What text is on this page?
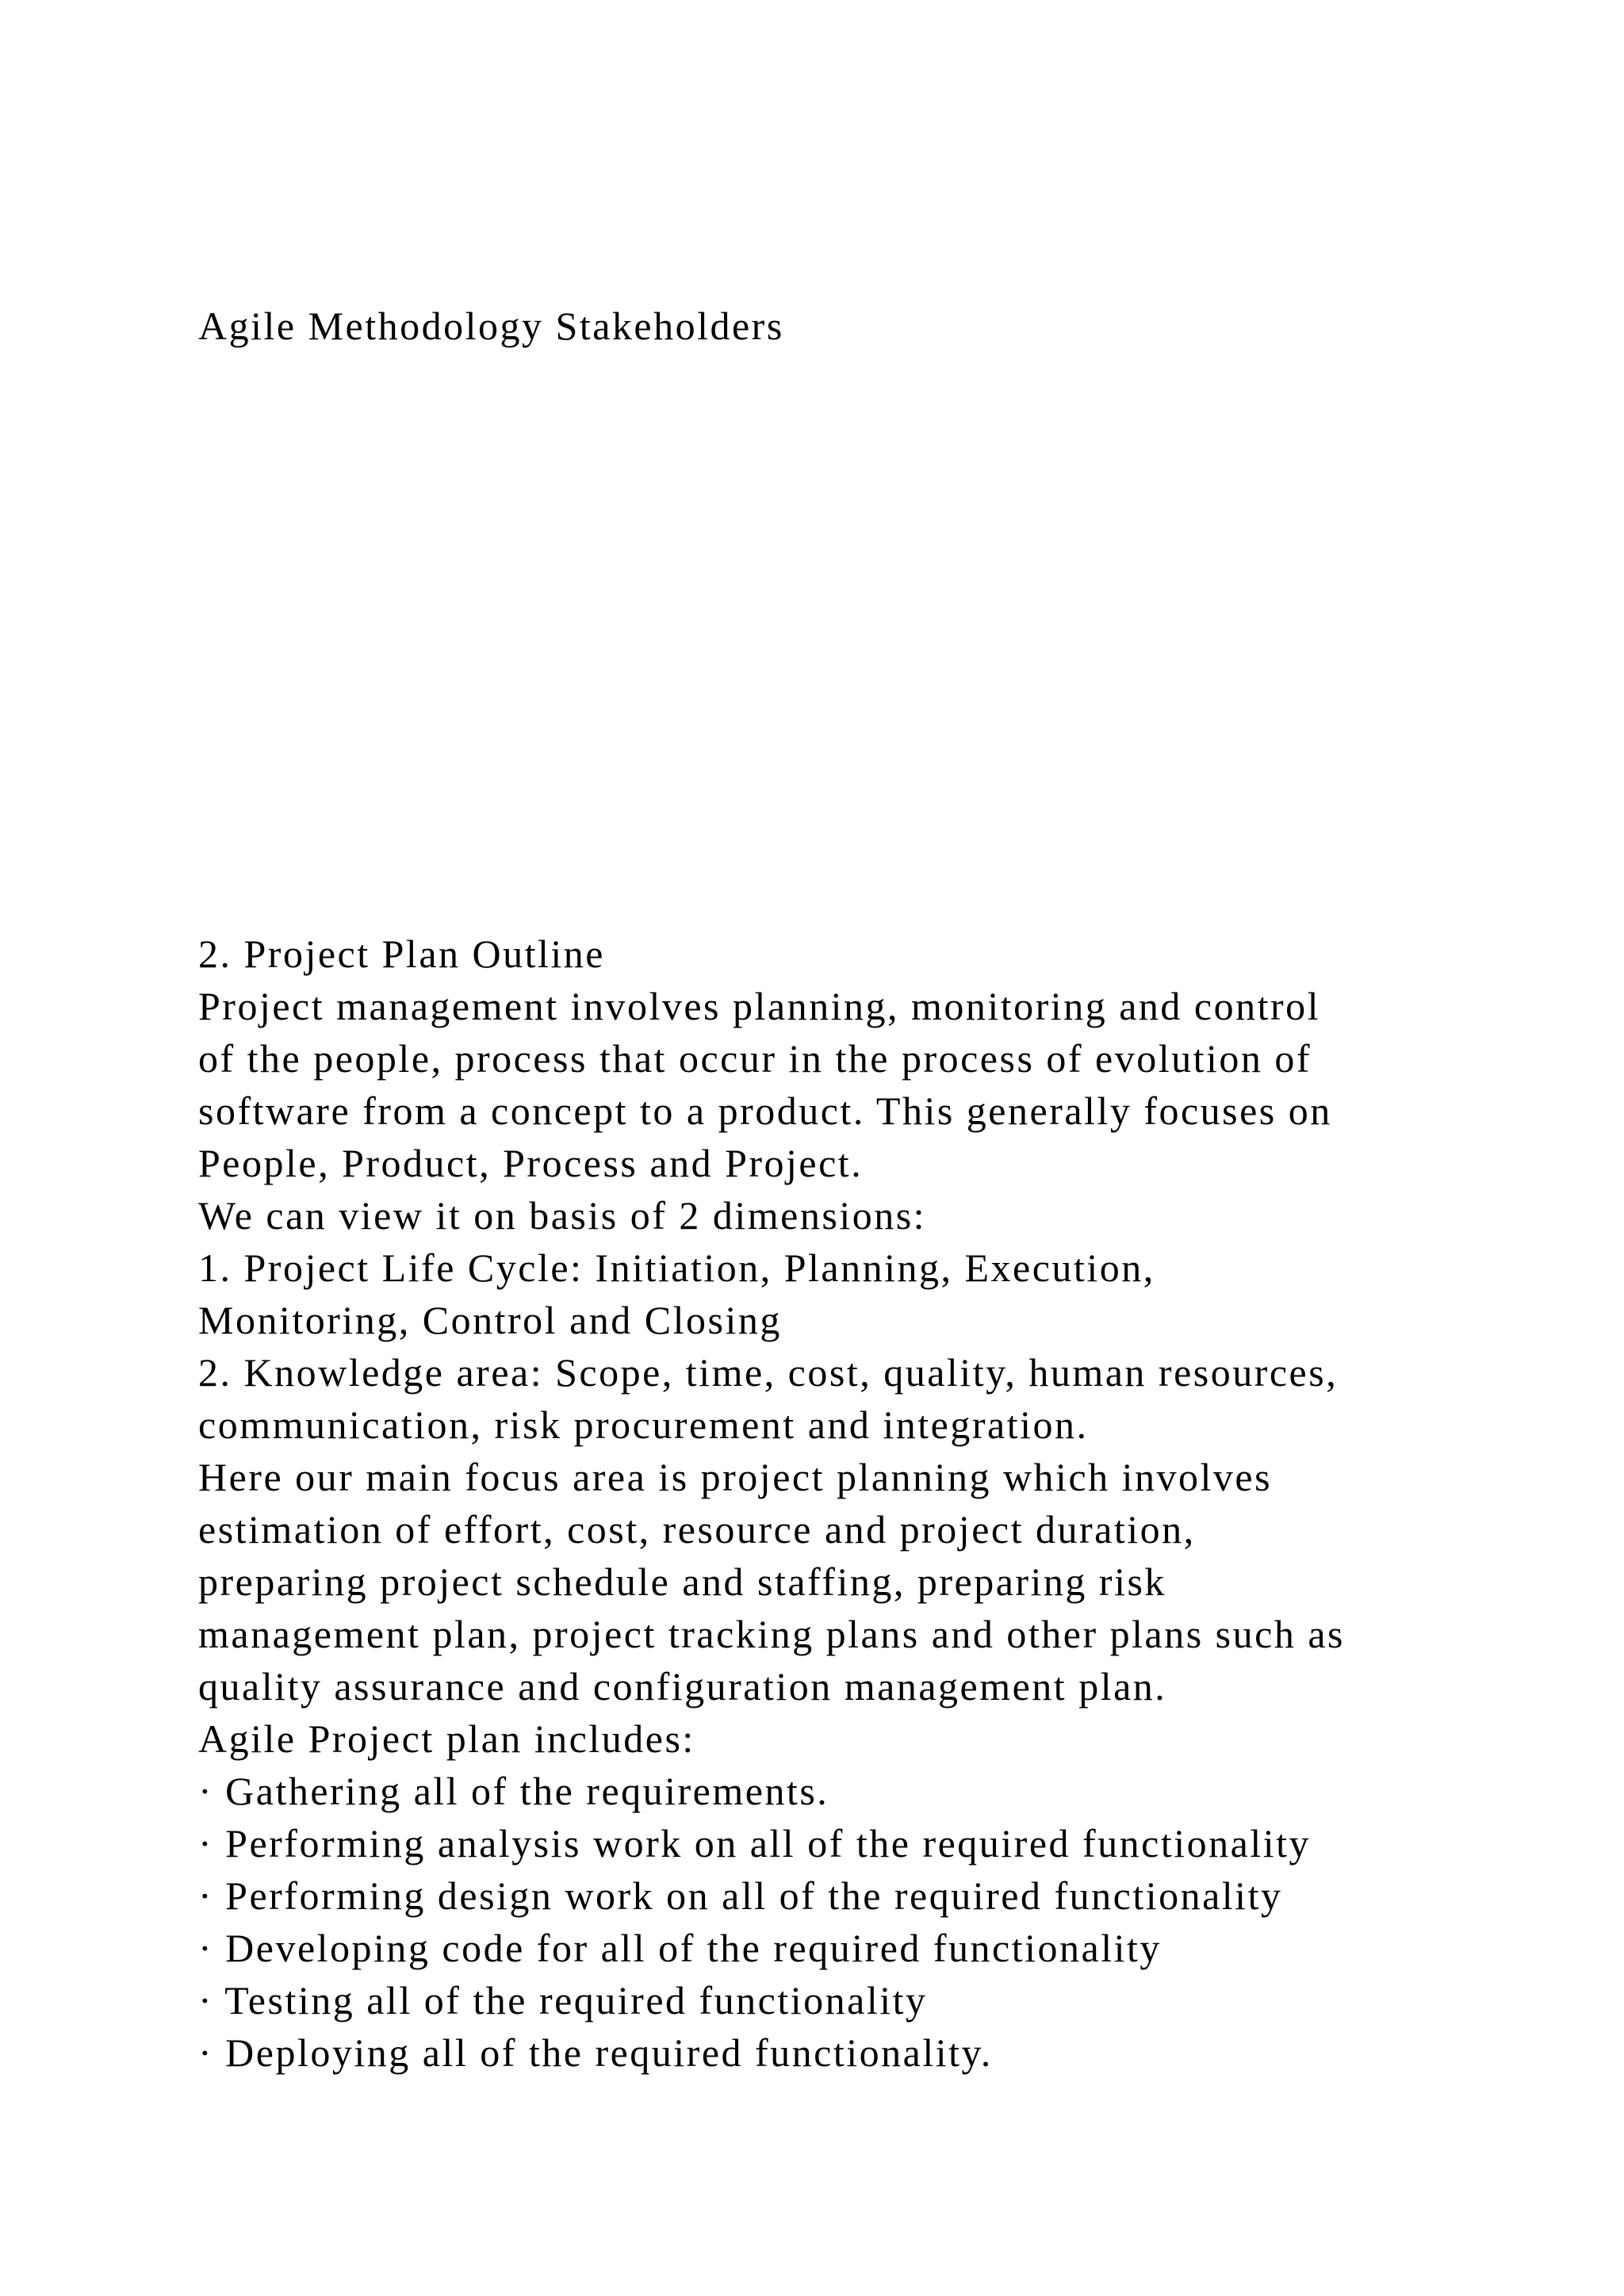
Agile Methodology Stakeholders

2. Project Plan Outline

Project management involves planning, monitoring and control

of the people, process that occur in the process of evolution of

software from a concept to a product. This generally focuses on

People, Product, Process and Project.

We can view it on basis of 2 dimensions:

1. Project Life Cycle: Initiation, Planning, Execution,

Monitoring, Control and Closing

2. Knowledge area: Scope, time, cost, quality, human resources,

communication, risk procurement and integration.

Here our main focus area is project planning which involves

estimation of effort, cost, resource and project duration,

preparing project schedule and staffing, preparing risk

management plan, project tracking plans and other plans such as

quality assurance and configuration management plan.

Agile Project plan includes:

· Gathering all of the requirements.

· Performing analysis work on all of the required functionality

· Performing design work on all of the required functionality

· Developing code for all of the required functionality

· Testing all of the required functionality

· Deploying all of the required functionality.
